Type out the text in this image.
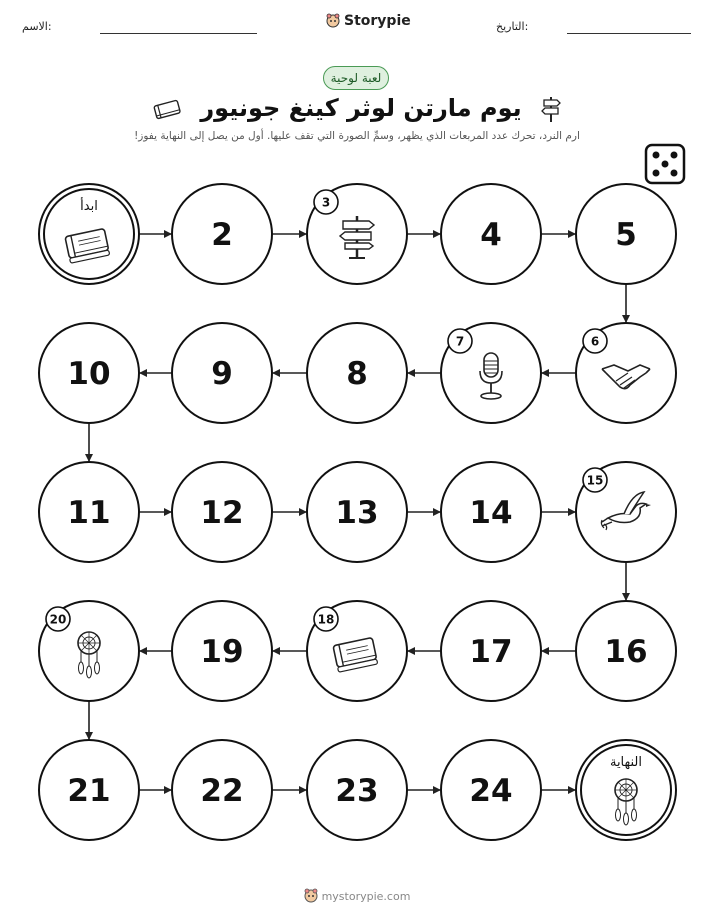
الاسم:	Storypie	التاريخ:
لعبة لوحية
يوم مارتن لوثر كينغ جونيور
ارم النرد، تحرك عدد المربعات الذي يظهر، وسمِّ الصورة التي تقف عليها. أول من يصل إلى النهاية يفوز!
ابدأ
2
3
4	5
6
7
8
9
10
11	12	13	14
15
16
17
18
19
20
21	22	23	24
النهاية
mystorypie.com
